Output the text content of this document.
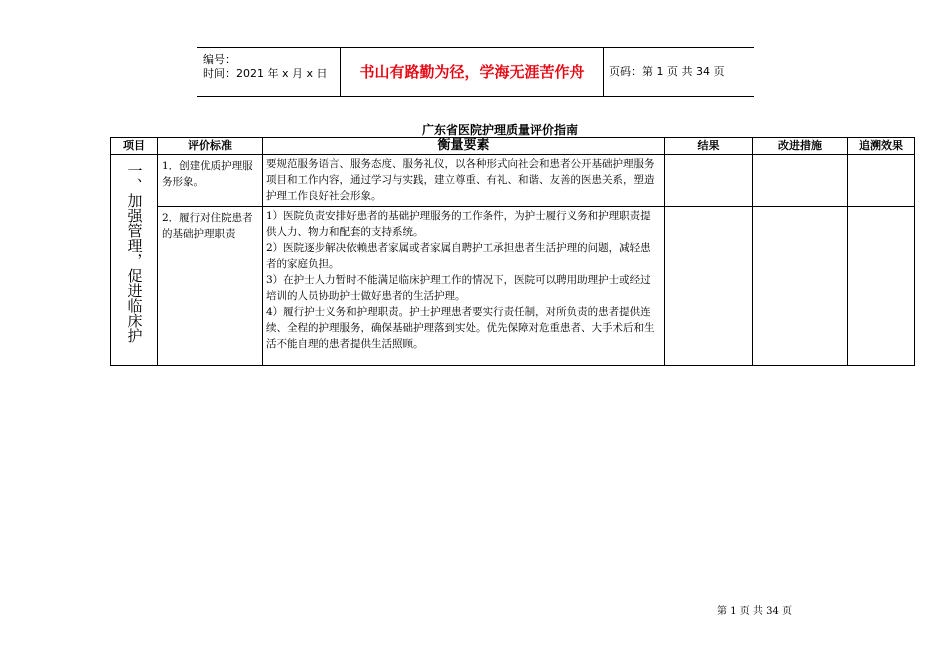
编号：
时间：2021 年 x 月 x 日	书山有路勤为径，学海无涯苦作舟	页码：第 1 页 共 34 页
广东省医院护理质量评价指南
项目	评价标准	衡量要素	结果	改进措施	追溯效果

一、加强管理，促进临床护	1．创建优质护理服务形象。	要规范服务语言、服务态度、服务礼仪，以各种形式向社会和患者公开基础护理服务项目和工作内容，通过学习与实践，建立尊重、有礼、和谐、友善的医患关系，塑造护理工作良好社会形象。			

	2．履行对住院患者的基础护理职责	1）医院负责安排好患者的基础护理服务的工作条件，为护士履行义务和护理职责提供人力、物力和配套的支持系统。

2）医院逐步解决依赖患者家属或者家属自聘护工承担患者生活护理的问题，减轻患者的家庭负担。

3）在护士人力暂时不能满足临床护理工作的情况下，医院可以聘用助理护士或经过培训的人员协助护士做好患者的生活护理。

4）履行护士义务和护理职责。护士护理患者要实行责任制，对所负责的患者提供连续、全程的护理服务，确保基础护理落到实处。优先保障对危重患者、大手术后和生活不能自理的患者提供生活照顾。			

第 1 页 共 34 页
